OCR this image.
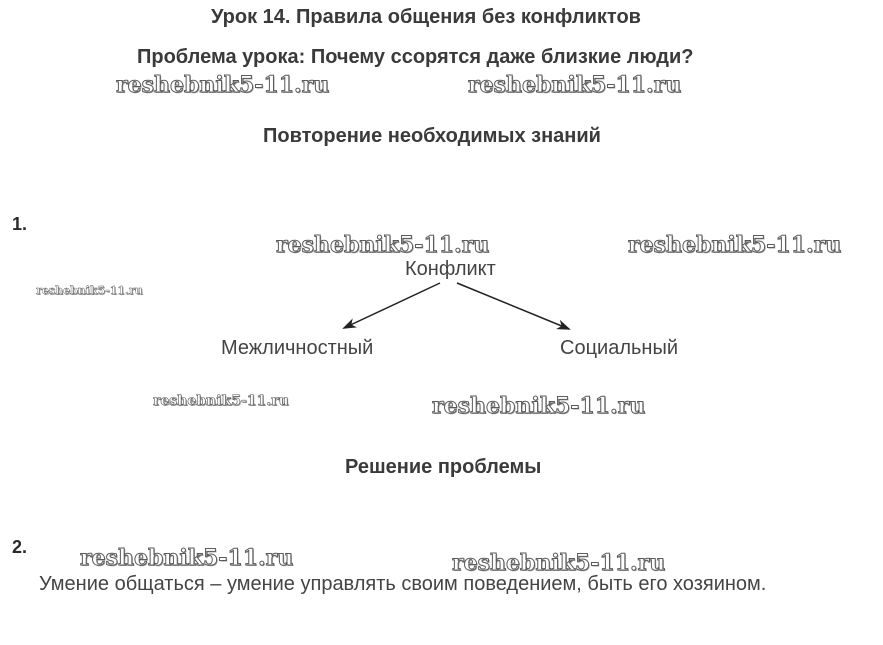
Урок 14. Правила общения без конфликтов
Проблема урока: Почему ссорятся даже близкие люди?
reshebnik5-11.ru	reshebnik5-11.ru
Повторение необходимых знаний
1.
reshebnik5-11.ru	reshebnik5-11.ru
reshebnik5-11.ru
Конфликт
Межличностный	Социальный
reshebnik5-11.ru	reshebnik5-11.ru
Решение проблемы
2. reshebnik5-11.ru	reshebnik5-11.ru
Умение общаться – умение управлять своим поведением, быть его хозяином.
